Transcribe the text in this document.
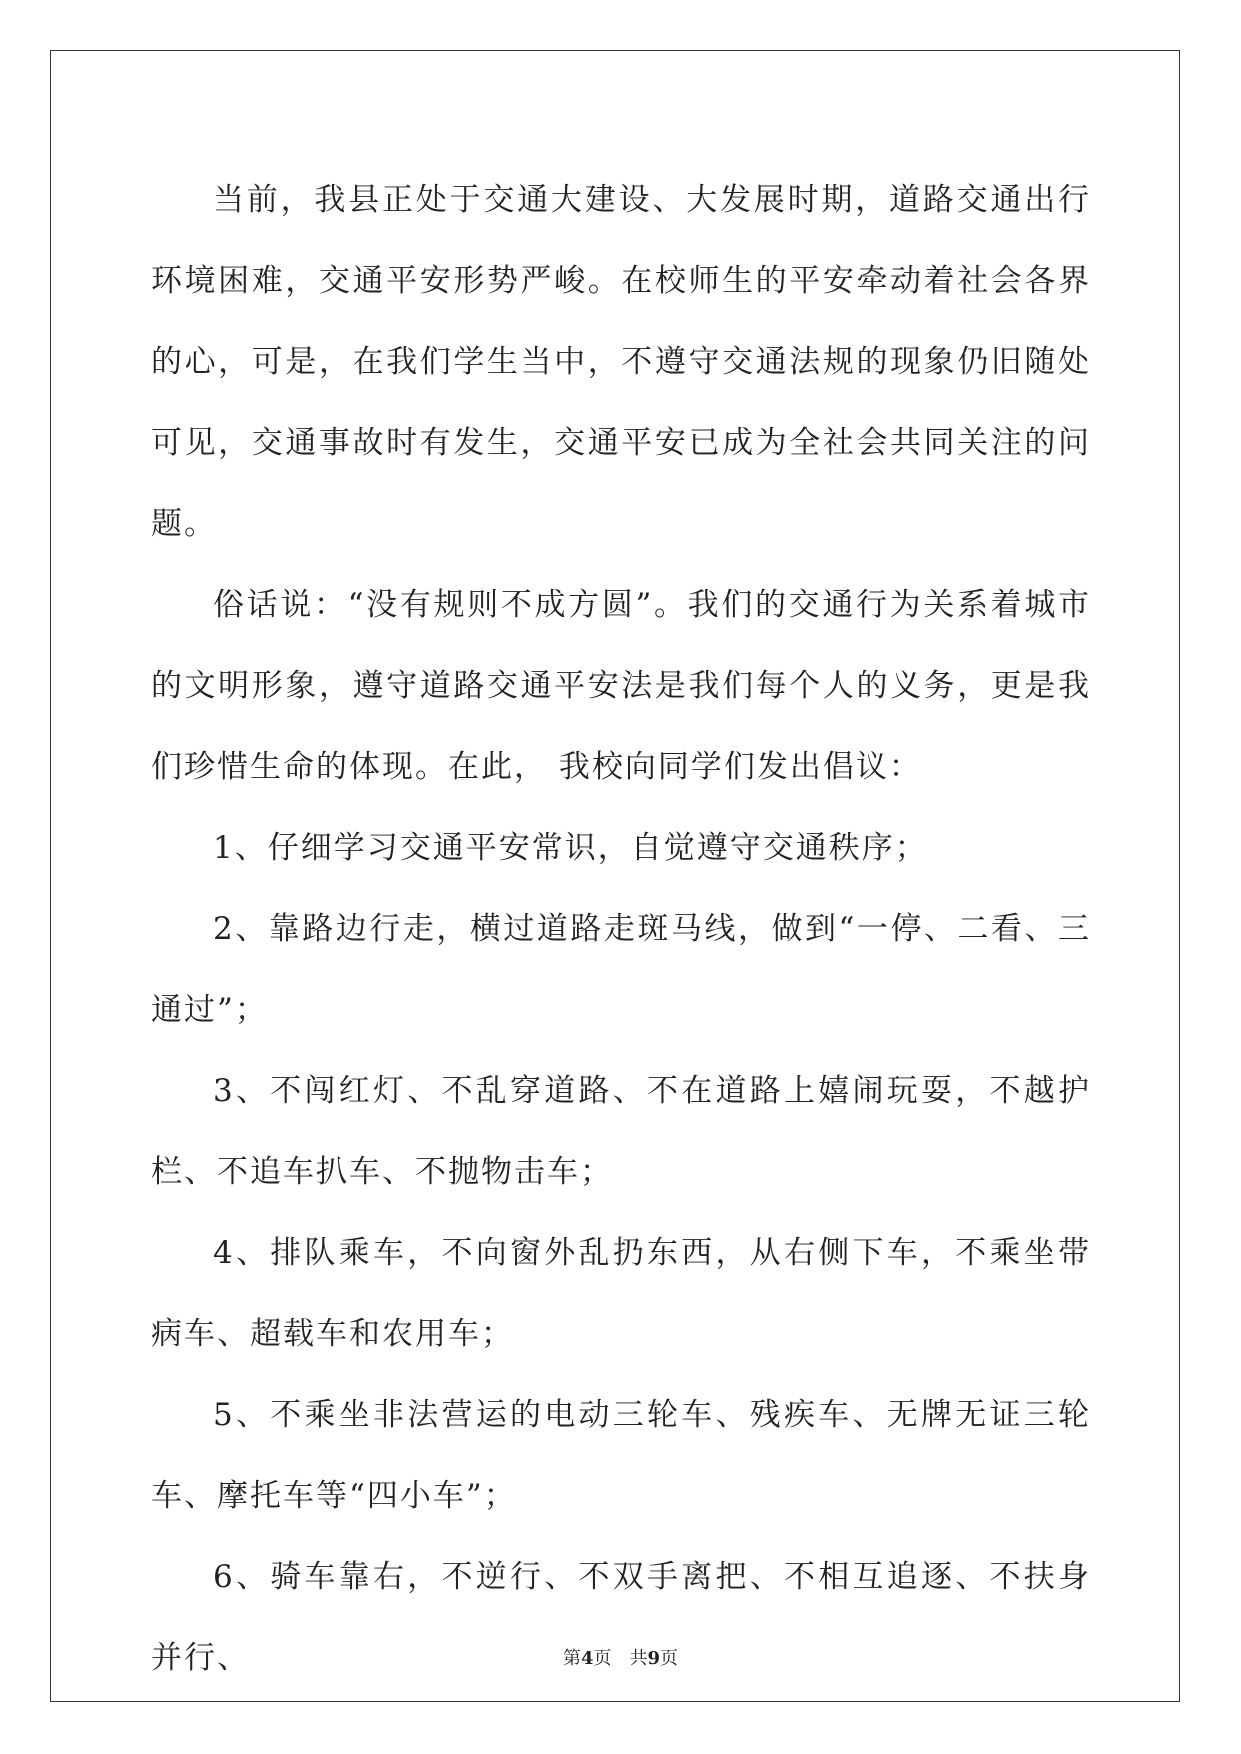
当前，我县正处于交通大建设、大发展时期，道路交通出行环境困难，交通平安形势严峻。在校师生的平安牵动着社会各界的心，可是，在我们学生当中，不遵守交通法规的现象仍旧随处可见，交通事故时有发生，交通平安已成为全社会共同关注的问题。

俗话说：“没有规则不成方圆”。我们的交通行为关系着城市的文明形象，遵守道路交通平安法是我们每个人的义务，更是我们珍惜生命的体现。在此， 我校向同学们发出倡议：

1、仔细学习交通平安常识，自觉遵守交通秩序；

2、靠路边行走，横过道路走斑马线，做到“一停、二看、三通过”；

3、不闯红灯、不乱穿道路、不在道路上嬉闹玩耍，不越护栏、不追车扒车、不抛物击车；

4、排队乘车，不向窗外乱扔东西，从右侧下车，不乘坐带病车、超载车和农用车；

5、不乘坐非法营运的电动三轮车、残疾车、无牌无证三轮车、摩托车等“四小车”；

6、骑车靠右，不逆行、不双手离把、不相互追逐、不扶身并行、	第4页 共9页
